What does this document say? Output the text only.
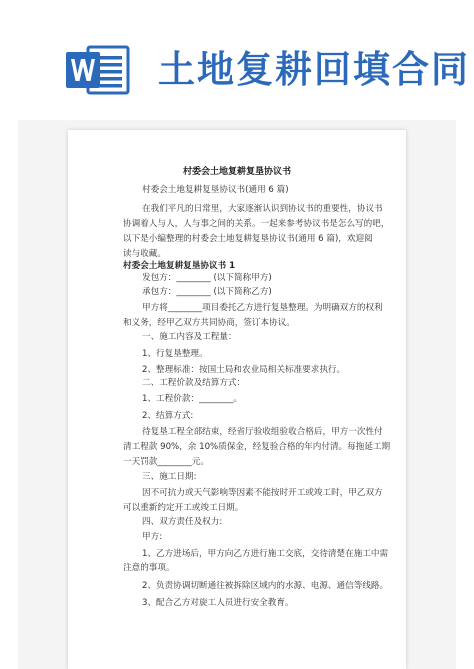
土地复耕回填合同
村委会土地复耕复垦协议书
村委会土地复耕复垦协议书(通用 6 篇)
在我们平凡的日常里，大家逐渐认识到协议书的重要性，协议书
协调着人与人，人与事之间的关系。一起来参考协议书是怎么写的吧，
以下是小编整理的村委会土地复耕复垦协议书(通用 6 篇)，欢迎阅
读与收藏。
村委会土地复耕复垦协议书 1
发包方：________ (以下简称甲方)
承包方：________ (以下简称乙方)
甲方将________项目委托乙方进行复垦整理。为明确双方的权利
和义务，经甲乙双方共同协商，签订本协议。
一、施工内容及工程量：
1、行复垦整理。
2、整理标准：按国土局和农业局相关标准要求执行。
二、工程价款及结算方式：
1、工程价款：________。
2、结算方式:
待复垦工程全部结束，经省厅验收组验收合格后，甲方一次性付
清工程款 90%，余 10%质保金，经复验合格的年内付清。每拖延工期
一天罚款________元。
三、施工日期:
因不可抗力或天气影响等因素不能按时开工或竣工时，甲乙双方
可以重新约定开工或竣工日期。
四、双方责任及权力:
甲方:
1、乙方进场后，甲方向乙方进行施工交底，交待清楚在施工中需
注意的事项。
2、负责协调切断通往被拆除区域内的水源、电源、通信等线路。
3、配合乙方对旋工人员进行安全教育。
